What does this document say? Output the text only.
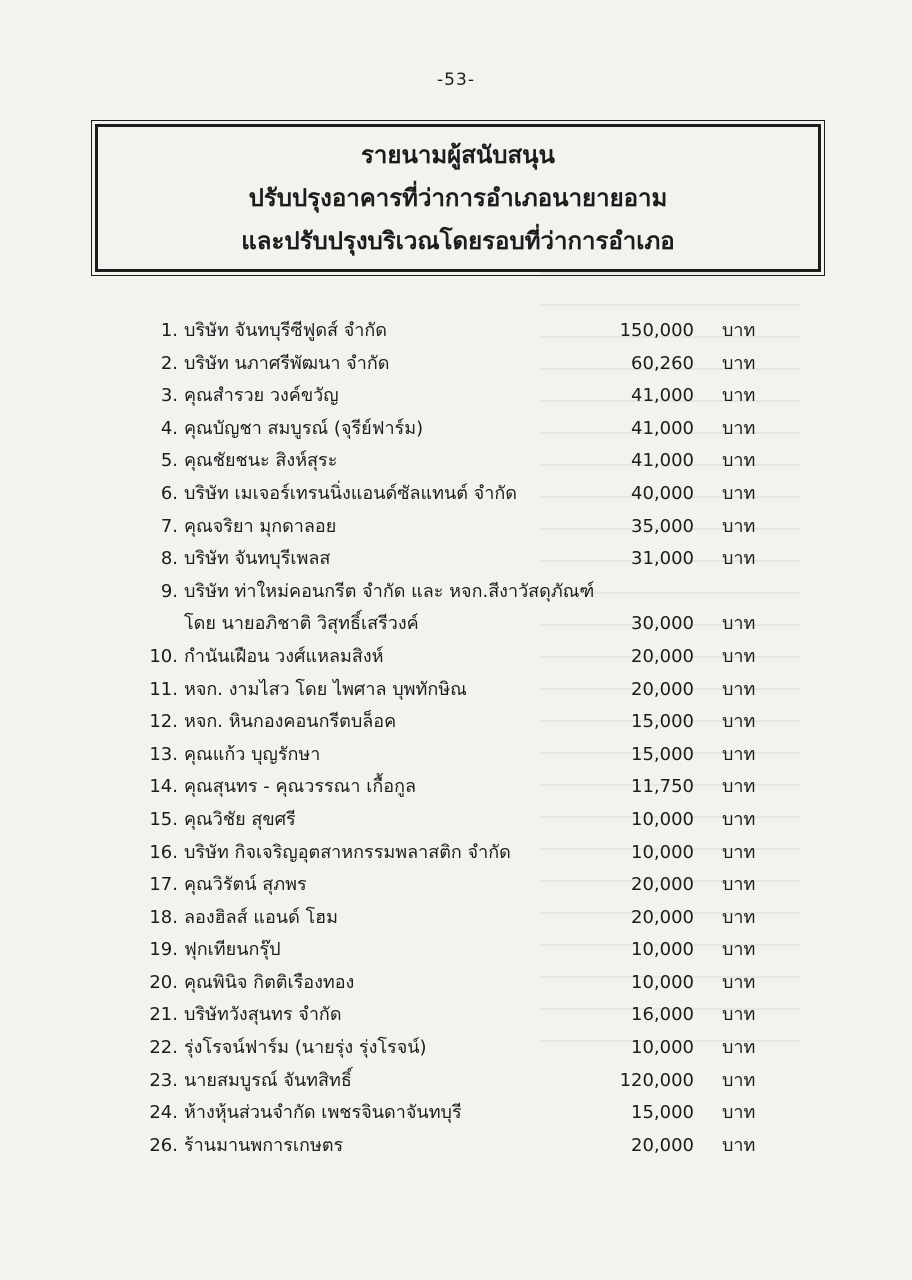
-53-
รายนามผู้สนับสนุน
ปรับปรุงอาคารที่ว่าการอำเภอนายายอาม
และปรับปรุงบริเวณโดยรอบที่ว่าการอำเภอ
1. บริษัท จันทบุรีซีฟูดส์ จำกัด	150,000 บาท
2. บริษัท นภาศรีพัฒนา จำกัด	60,260 บาท
3. คุณสำรวย วงค์ขวัญ	41,000 บาท
4. คุณบัญชา สมบูรณ์ (จุรีย์ฟาร์ม)	41,000 บาท
5. คุณชัยชนะ สิงห์สุระ	41,000 บาท
6. บริษัท เมเจอร์เทรนนิ่งแอนด์ซัลแทนต์ จำกัด	40,000 บาท
7. คุณจริยา มุกดาลอย	35,000 บาท
8. บริษัท จันทบุรีเพลส	31,000 บาท
9. บริษัท ท่าใหม่คอนกรีต จำกัด และ หจก.สีงาวัสดุภัณฑ์
โดย นายอภิชาติ วิสุทธิ์เสรีวงค์	30,000 บาท
10. กำนันเฝือน วงศ์แหลมสิงห์	20,000 บาท
11. หจก. งามไสว โดย ไพศาล บุพทักษิณ	20,000 บาท
12. หจก. หินกองคอนกรีตบล็อค	15,000 บาท
13. คุณแก้ว บุญรักษา	15,000 บาท
14. คุณสุนทร - คุณวรรณา เกื้อกูล	11,750 บาท
15. คุณวิชัย สุขศรี	10,000 บาท
16. บริษัท กิจเจริญอุตสาหกรรมพลาสติก จำกัด	10,000 บาท
17. คุณวิรัตน์ สุภพร	20,000 บาท
18. ลองฮิลส์ แอนด์ โฮม	20,000 บาท
19. ฟุกเทียนกรุ๊ป	10,000 บาท
20. คุณพินิจ กิตติเรืองทอง	10,000 บาท
21. บริษัทวังสุนทร จำกัด	16,000 บาท
22. รุ่งโรจน์ฟาร์ม (นายรุ่ง รุ่งโรจน์)	10,000 บาท
23. นายสมบูรณ์ จันทสิทธิ์	120,000 บาท
24. ห้างหุ้นส่วนจำกัด เพชรจินดาจันทบุรี	15,000 บาท
26. ร้านมานพการเกษตร	20,000 บาท
